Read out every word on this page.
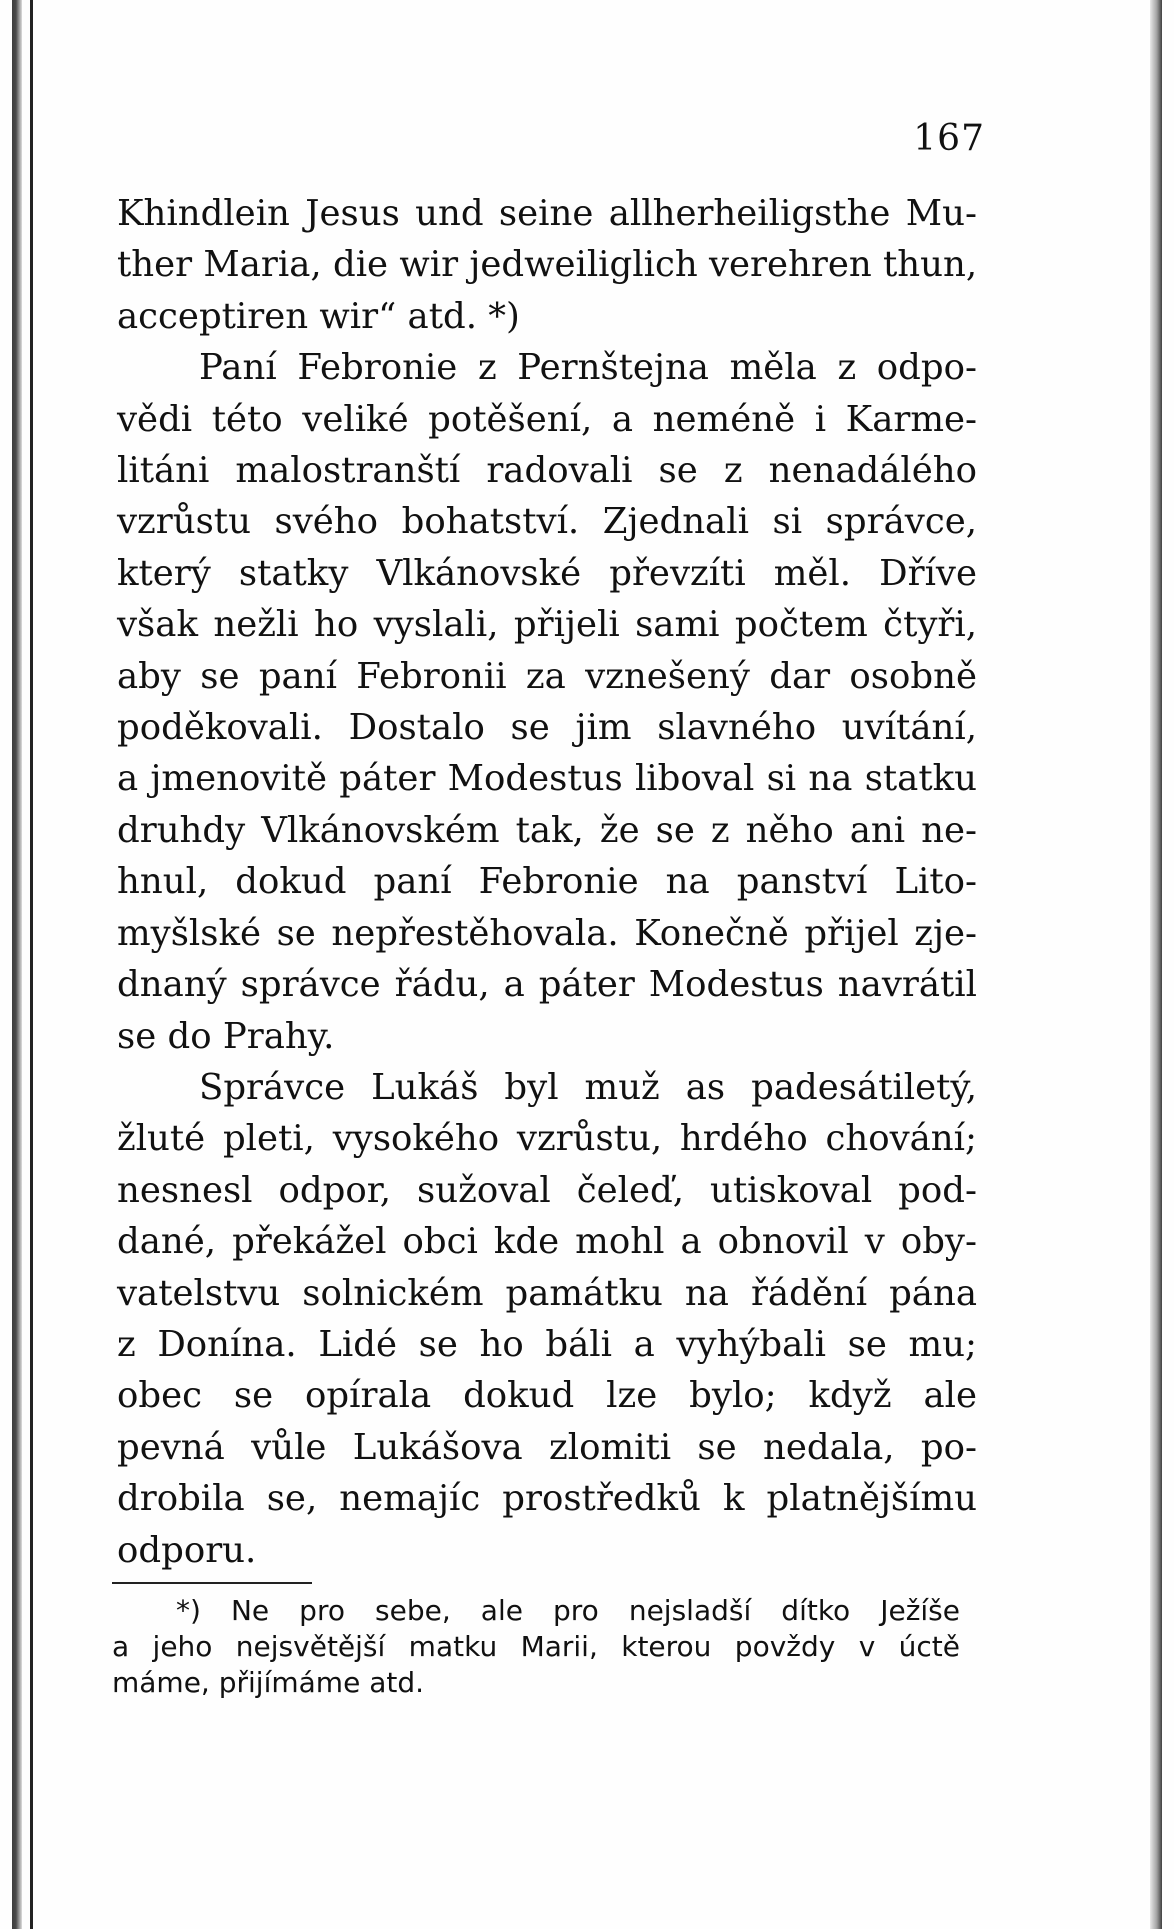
167
Khindlein Jesus und seine allherheiligsthe Mu-
ther Maria, die wir jedweiliglich verehren thun,
acceptiren wir“ atd. *)
Paní Febronie z Pernštejna měla z odpo-
vědi této veliké potěšení, a neméně i Karme-
litáni malostranští radovali se z nenadálého
vzrůstu svého bohatství. Zjednali si správce,
který statky Vlkánovské převzíti měl. Dříve
však nežli ho vyslali, přijeli sami počtem čtyři,
aby se paní Febronii za vznešený dar osobně
poděkovali. Dostalo se jim slavného uvítání,
a jmenovitě páter Modestus liboval si na statku
druhdy Vlkánovském tak, že se z něho ani ne-
hnul, dokud paní Febronie na panství Lito-
myšlské se nepřestěhovala. Konečně přijel zje-
dnaný správce řádu, a páter Modestus navrátil
se do Prahy.
Správce Lukáš byl muž as padesátiletý,
žluté pleti, vysokého vzrůstu, hrdého chování;
nesnesl odpor, sužoval čeleď, utiskoval pod-
dané, překážel obci kde mohl a obnovil v oby-
vatelstvu solnickém památku na řádění pána
z Donína. Lidé se ho báli a vyhýbali se mu;
obec se opírala dokud lze bylo; když ale
pevná vůle Lukášova zlomiti se nedala, po-
drobila se, nemajíc prostředků k platnějšímu
odporu.
*) Ne pro sebe, ale pro nejsladší dítko Ježíše
a jeho nejsvětější matku Marii, kterou povždy v úctě
máme, přijímáme atd.
